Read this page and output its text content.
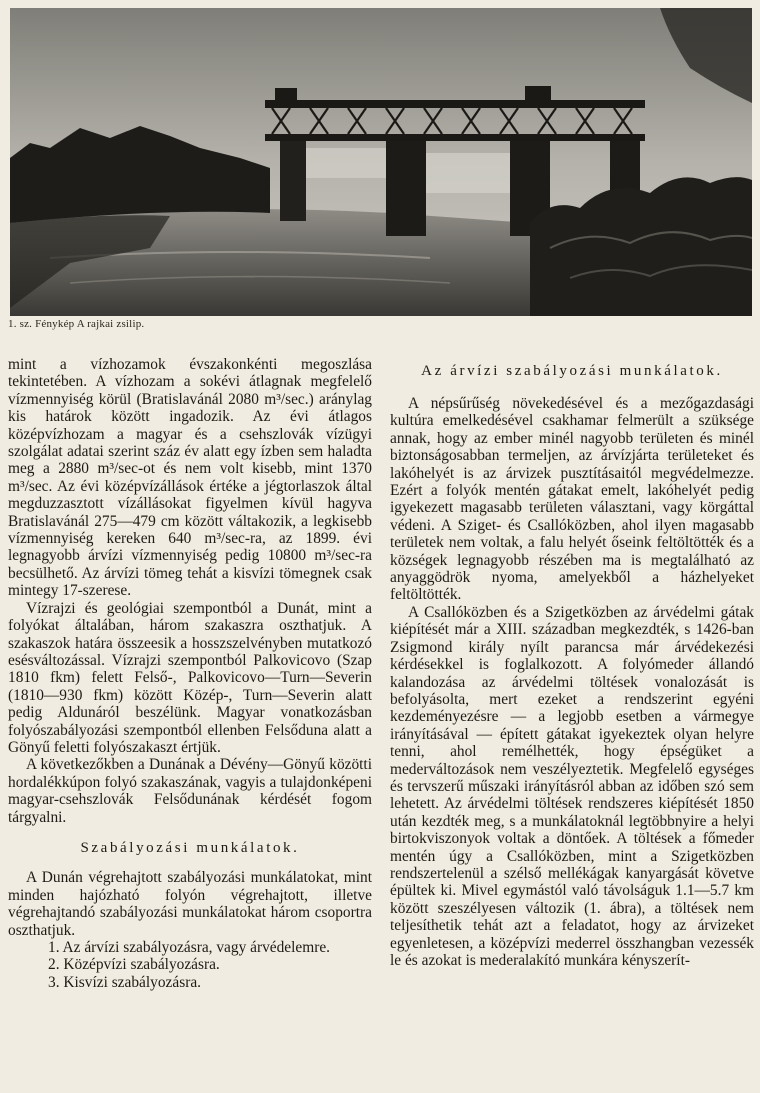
1. sz. Fénykép A rajkai zsilip.

mint a vízhozamok évszakonkénti megoszlása tekintetében. A vízhozam a sokévi átlagnak megfelelő vízmennyiség körül (Bratislavánál 2080 m³/sec.) aránylag kis határok között ingadozik. Az évi átlagos középvízhozam a magyar és a csehszlovák vízügyi szolgálat adatai szerint száz év alatt egy ízben sem haladta meg a 2880 m³/sec-ot és nem volt kisebb, mint 1370 m³/sec. Az évi középvízállások értéke a jégtorlaszok által megduzzasztott vízállásokat figyelmen kívül hagyva Bratislavánál 275—479 cm között váltakozik, a legkisebb vízmennyiség kereken 640 m³/sec-ra, az 1899. évi legnagyobb árvízi vízmennyiség pedig 10800 m³/sec-ra becsülhető. Az árvízi tömeg tehát a kisvízi tömegnek csak mintegy 17-szerese.

Vízrajzi és geológiai szempontból a Dunát, mint a folyókat általában, három szakaszra oszthatjuk. A szakaszok határa összeesik a hosszszelvényben mutatkozó esésváltozással. Vízrajzi szempontból Palkovicovo (Szap 1810 fkm) felett Felső-, Palkovicovo—Turn—Severin (1810—930 fkm) között Közép-, Turn—Severin alatt pedig Aldunáról beszélünk. Magyar vonatkozásban folyószabályozási szempontból ellenben Felsőduna alatt a Gönyű feletti folyószakaszt értjük.

A következőkben a Dunának a Dévény—Gönyű közötti hordalékkúpon folyó szakaszának, vagyis a tulajdonképeni magyar-csehszlovák Felsődunának kérdését fogom tárgyalni.

Szabályozási munkálatok.

A Dunán végrehajtott szabályozási munkálatokat, mint minden hajózható folyón végrehajtott, illetve végrehajtandó szabályozási munkálatokat három csoportra oszthatjuk.

1. Az árvízi szabályozásra, vagy árvédelemre.

2. Középvízi szabályozásra.

3. Kisvízi szabályozásra.

Az árvízi szabályozási munkálatok.

A népsűrűség növekedésével és a mezőgazdasági kultúra emelkedésével csakhamar felmerült a szüksége annak, hogy az ember minél nagyobb területen és minél biztonságosabban termeljen, az árvízjárta területeket és lakóhelyét is az árvizek pusztításaitól megvédelmezze. Ezért a folyók mentén gátakat emelt, lakóhelyét pedig igyekezett magasabb területen választani, vagy körgáttal védeni. A Sziget- és Csallóközben, ahol ilyen magasabb területek nem voltak, a falu helyét őseink feltöltötték és a községek legnagyobb részében ma is megtalálható az anyaggödrök nyoma, amelyekből a házhelyeket feltöltötték.

A Csallóközben és a Szigetközben az árvédelmi gátak kiépítését már a XIII. században megkezdték, s 1426-ban Zsigmond király nyílt parancsa már árvédekezési kérdésekkel is foglalkozott. A folyómeder állandó kalandozása az árvédelmi töltések vonalozását is befolyásolta, mert ezeket a rendszerint egyéni kezdeményezésre — a legjobb esetben a vármegye irányításával — épített gátakat igyekeztek olyan helyre tenni, ahol remélhették, hogy épségüket a mederváltozások nem veszélyeztetik. Megfelelő egységes és tervszerű műszaki irányításról abban az időben szó sem lehetett. Az árvédelmi töltések rendszeres kiépítését 1850 után kezdték meg, s a munkálatoknál legtöbbnyire a helyi birtokviszonyok voltak a döntőek. A töltések a főmeder mentén úgy a Csallóközben, mint a Szigetközben rendszertelenül a szélső mellékágak kanyargását követve épültek ki. Mivel egymástól való távolságuk 1.1—5.7 km között szeszélyesen változik (1. ábra), a töltések nem teljesíthetik tehát azt a feladatot, hogy az árvizeket egyenletesen, a középvízi mederrel összhangban vezessék le és azokat is mederalakító munkára kényszerít-
